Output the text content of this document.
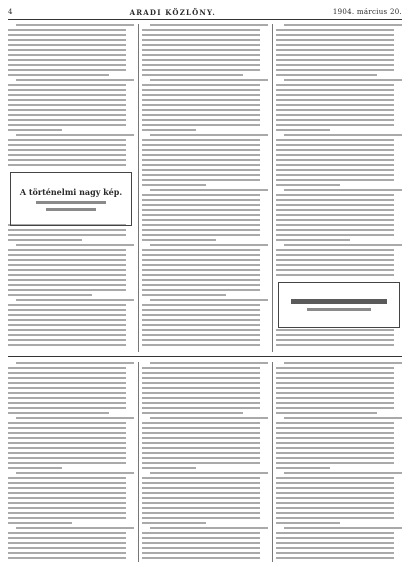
4	ARADI KÖZLÖNY.	1904. március 20.
A történelmi nagy kép.
